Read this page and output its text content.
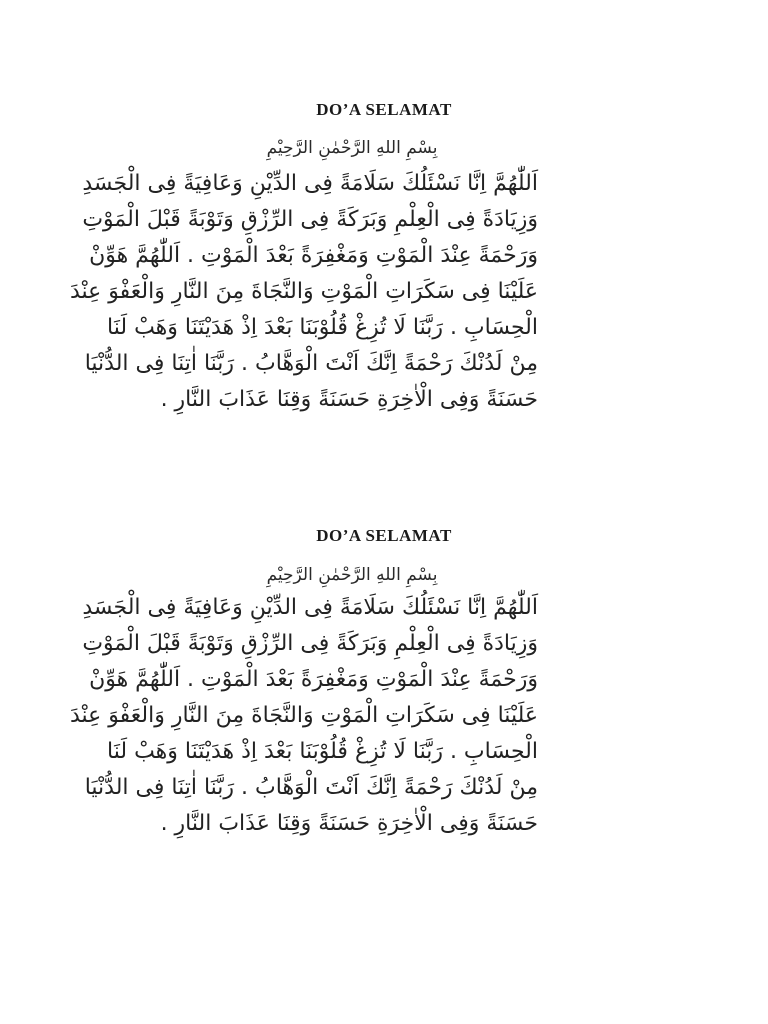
DO’A SELAMAT

بِسْمِ اللهِ الرَّحْمٰنِ الرَّحِيْمِ

اَللّٰهُمَّ اِنَّا نَسْئَلُكَ سَلَامَةً فِى الدِّيْنِ وَعَافِيَةً فِى الْجَسَدِ
وَزِيَادَةً فِى الْعِلْمِ وَبَرَكَةً فِى الرِّزْقِ وَتَوْبَةً قَبْلَ الْمَوْتِ
وَرَحْمَةً عِنْدَ الْمَوْتِ وَمَغْفِرَةً بَعْدَ الْمَوْتِ . اَللّٰهُمَّ هَوِّنْ
عَلَيْنَا فِى سَكَرَاتِ الْمَوْتِ وَالنَّجَاةَ مِنَ النَّارِ وَالْعَفْوَ عِنْدَ
الْحِسَابِ . رَبَّنَا لَا تُزِغْ قُلُوْبَنَا بَعْدَ اِذْ هَدَيْتَنَا وَهَبْ لَنَا
مِنْ لَدُنْكَ رَحْمَةً اِنَّكَ اَنْتَ الْوَهَّابُ . رَبَّنَا اٰتِنَا فِى الدُّنْيَا
حَسَنَةً وَفِى الْاٰخِرَةِ حَسَنَةً وَقِنَا عَذَابَ النَّارِ .
DO’A SELAMAT

بِسْمِ اللهِ الرَّحْمٰنِ الرَّحِيْمِ

اَللّٰهُمَّ اِنَّا نَسْئَلُكَ سَلَامَةً فِى الدِّيْنِ وَعَافِيَةً فِى الْجَسَدِ
وَزِيَادَةً فِى الْعِلْمِ وَبَرَكَةً فِى الرِّزْقِ وَتَوْبَةً قَبْلَ الْمَوْتِ
وَرَحْمَةً عِنْدَ الْمَوْتِ وَمَغْفِرَةً بَعْدَ الْمَوْتِ . اَللّٰهُمَّ هَوِّنْ
عَلَيْنَا فِى سَكَرَاتِ الْمَوْتِ وَالنَّجَاةَ مِنَ النَّارِ وَالْعَفْوَ عِنْدَ
الْحِسَابِ . رَبَّنَا لَا تُزِغْ قُلُوْبَنَا بَعْدَ اِذْ هَدَيْتَنَا وَهَبْ لَنَا
مِنْ لَدُنْكَ رَحْمَةً اِنَّكَ اَنْتَ الْوَهَّابُ . رَبَّنَا اٰتِنَا فِى الدُّنْيَا
حَسَنَةً وَفِى الْاٰخِرَةِ حَسَنَةً وَقِنَا عَذَابَ النَّارِ .
